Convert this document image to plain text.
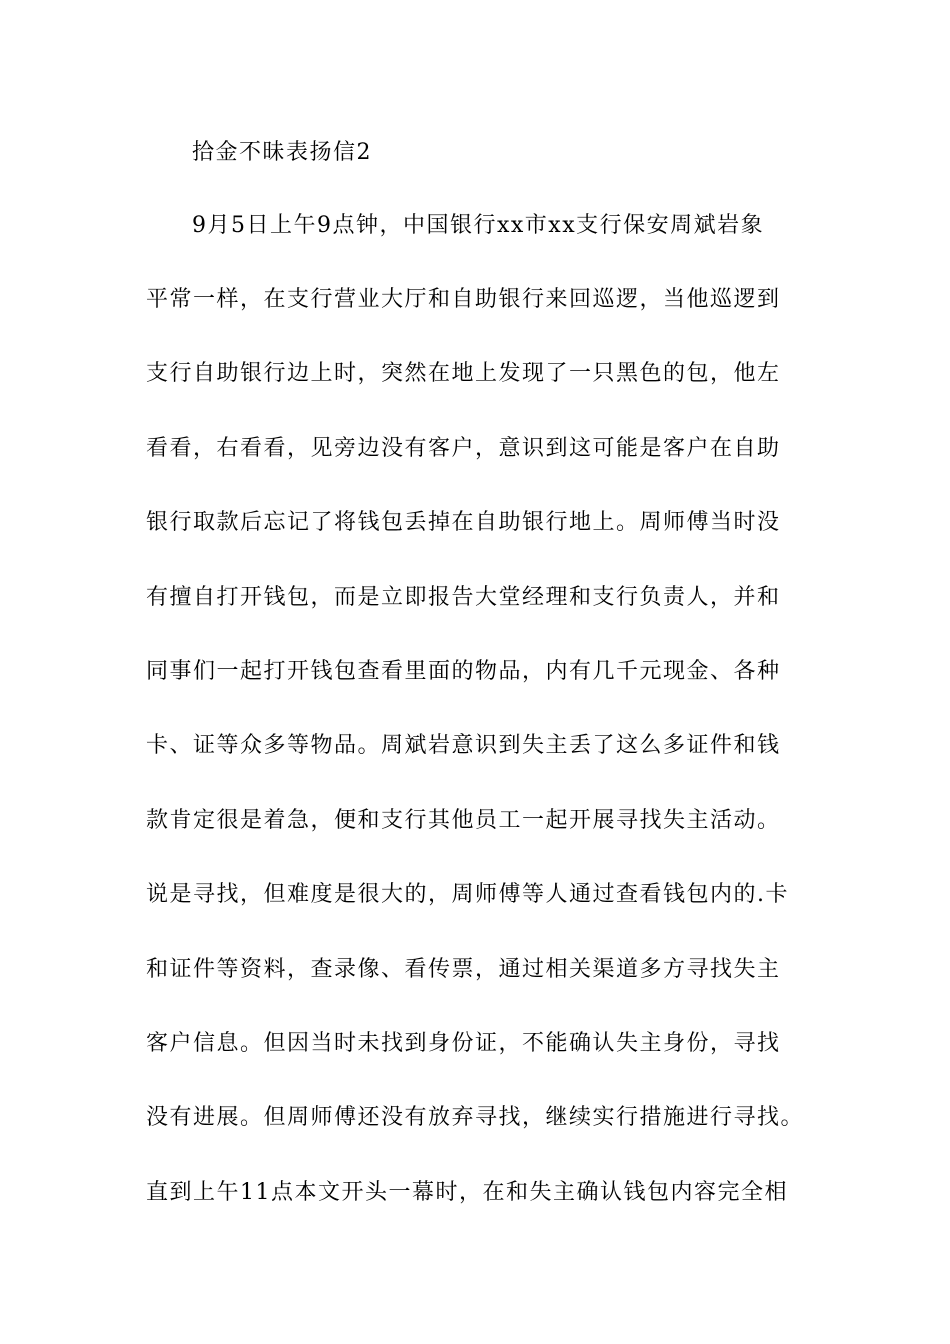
拾金不昧表扬信2
9月5日上午9点钟，中国银行xx市xx支行保安周斌岩象
平常一样，在支行营业大厅和自助银行来回巡逻，当他巡逻到
支行自助银行边上时，突然在地上发现了一只黑色的包，他左
看看，右看看，见旁边没有客户，意识到这可能是客户在自助
银行取款后忘记了将钱包丢掉在自助银行地上。周师傅当时没
有擅自打开钱包，而是立即报告大堂经理和支行负责人，并和
同事们一起打开钱包查看里面的物品，内有几千元现金、各种
卡、证等众多等物品。周斌岩意识到失主丢了这么多证件和钱
款肯定很是着急，便和支行其他员工一起开展寻找失主活动。
说是寻找，但难度是很大的，周师傅等人通过查看钱包内的.卡
和证件等资料，查录像、看传票，通过相关渠道多方寻找失主
客户信息。但因当时未找到身份证，不能确认失主身份，寻找
没有进展。但周师傅还没有放弃寻找，继续实行措施进行寻找。
直到上午11点本文开头一幕时，在和失主确认钱包内容完全相
